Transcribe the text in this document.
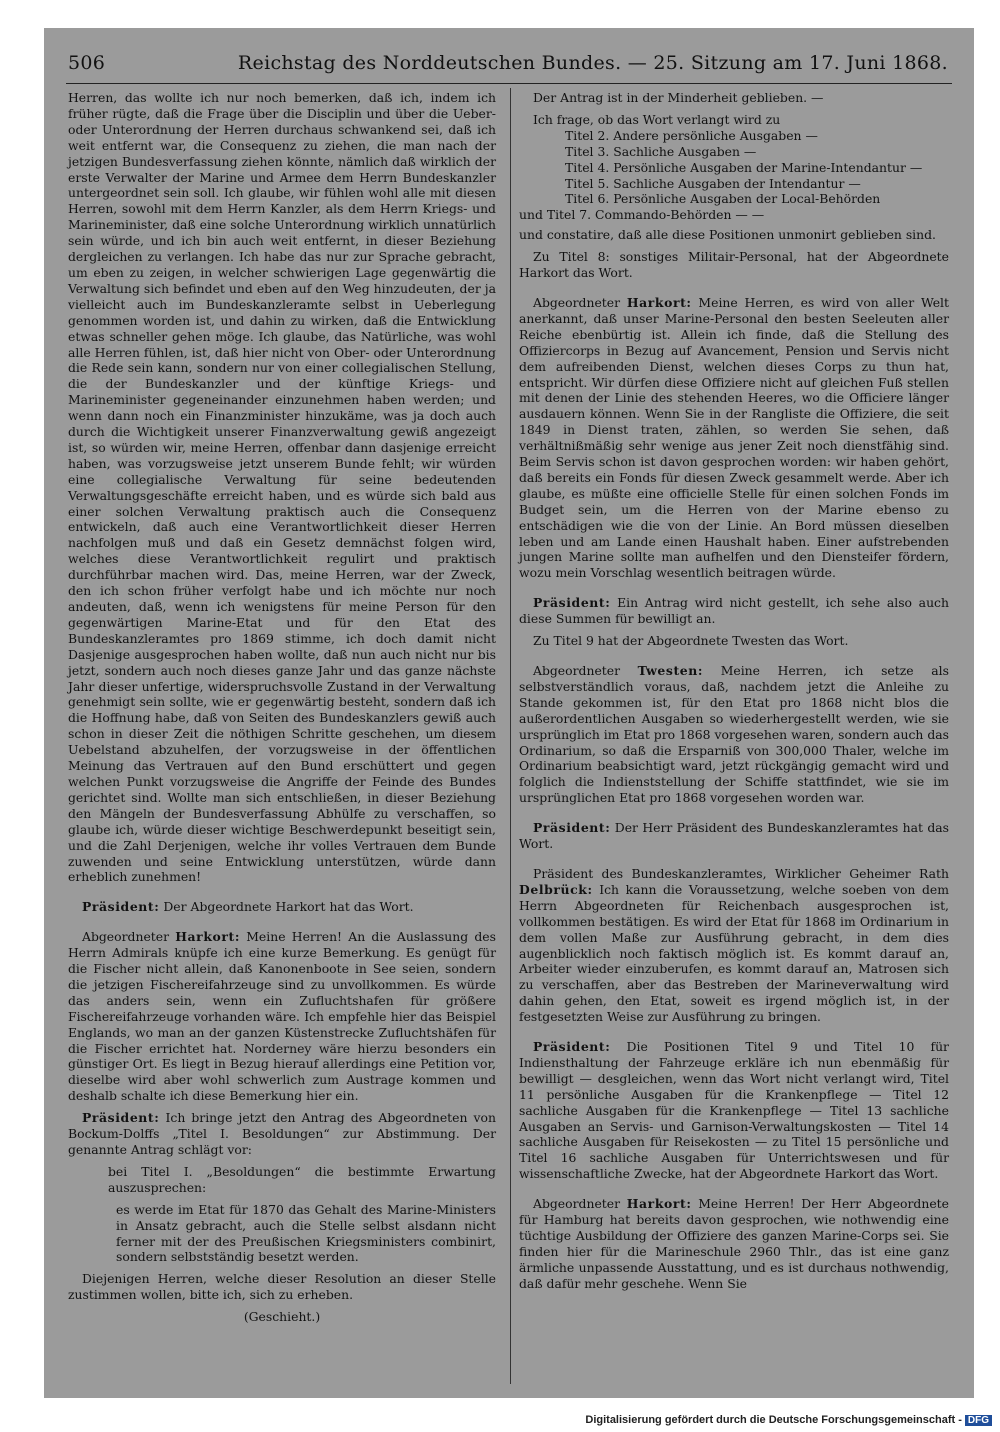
506	Reichstag des Norddeutschen Bundes. — 25. Sitzung am 17. Juni 1868.

Herren, das wollte ich nur noch bemerken, daß ich, indem ich früher rügte, daß die Frage über die Disciplin und über die Ueber- oder Unterordnung der Herren durchaus schwankend sei, daß ich weit entfernt war, die Consequenz zu ziehen, die man nach der jetzigen Bundesverfassung ziehen könnte, nämlich daß wirklich der erste Verwalter der Marine und Armee dem Herrn Bundeskanzler untergeordnet sein soll. Ich glaube, wir fühlen wohl alle mit diesen Herren, sowohl mit dem Herrn Kanzler, als dem Herrn Kriegs- und Marineminister, daß eine solche Unterordnung wirklich unnatürlich sein würde, und ich bin auch weit entfernt, in dieser Beziehung dergleichen zu verlangen. Ich habe das nur zur Sprache gebracht, um eben zu zeigen, in welcher schwierigen Lage gegenwärtig die Verwaltung sich befindet und eben auf den Weg hinzudeuten, der ja vielleicht auch im Bundeskanzleramte selbst in Ueberlegung genommen worden ist, und dahin zu wirken, daß die Entwicklung etwas schneller gehen möge. Ich glaube, das Natürliche, was wohl alle Herren fühlen, ist, daß hier nicht von Ober- oder Unterordnung die Rede sein kann, sondern nur von einer collegialischen Stellung, die der Bundeskanzler und der künftige Kriegs- und Marineminister gegeneinander einzunehmen haben werden; und wenn dann noch ein Finanzminister hinzukäme, was ja doch auch durch die Wichtigkeit unserer Finanzverwaltung gewiß angezeigt ist, so würden wir, meine Herren, offenbar dann dasjenige erreicht haben, was vorzugsweise jetzt unserem Bunde fehlt; wir würden eine collegialische Verwaltung für seine bedeutenden Verwaltungsgeschäfte erreicht haben, und es würde sich bald aus einer solchen Verwaltung praktisch auch die Consequenz entwickeln, daß auch eine Verantwortlichkeit dieser Herren nachfolgen muß und daß ein Gesetz demnächst folgen wird, welches diese Verantwortlichkeit regulirt und praktisch durchführbar machen wird. Das, meine Herren, war der Zweck, den ich schon früher verfolgt habe und ich möchte nur noch andeuten, daß, wenn ich wenigstens für meine Person für den gegenwärtigen Marine-Etat und für den Etat des Bundeskanzleramtes pro 1869 stimme, ich doch damit nicht Dasjenige ausgesprochen haben wollte, daß nun auch nicht nur bis jetzt, sondern auch noch dieses ganze Jahr und das ganze nächste Jahr dieser unfertige, widerspruchsvolle Zustand in der Verwaltung genehmigt sein sollte, wie er gegenwärtig besteht, sondern daß ich die Hoffnung habe, daß von Seiten des Bundeskanzlers gewiß auch schon in dieser Zeit die nöthigen Schritte geschehen, um diesem Uebelstand abzuhelfen, der vorzugsweise in der öffentlichen Meinung das Vertrauen auf den Bund erschüttert und gegen welchen Punkt vorzugsweise die Angriffe der Feinde des Bundes gerichtet sind. Wollte man sich entschließen, in dieser Beziehung den Mängeln der Bundesverfassung Abhülfe zu verschaffen, so glaube ich, würde dieser wichtige Beschwerdepunkt beseitigt sein, und die Zahl Derjenigen, welche ihr volles Vertrauen dem Bunde zuwenden und seine Entwicklung unterstützen, würde dann erheblich zunehmen!

Präsident: Der Abgeordnete Harkort hat das Wort.

Abgeordneter Harkort: Meine Herren! An die Auslassung des Herrn Admirals knüpfe ich eine kurze Bemerkung. Es genügt für die Fischer nicht allein, daß Kanonenboote in See seien, sondern die jetzigen Fischereifahrzeuge sind zu unvollkommen. Es würde das anders sein, wenn ein Zufluchtshafen für größere Fischereifahrzeuge vorhanden wäre. Ich empfehle hier das Beispiel Englands, wo man an der ganzen Küstenstrecke Zufluchtshäfen für die Fischer errichtet hat. Norderney wäre hierzu besonders ein günstiger Ort. Es liegt in Bezug hierauf allerdings eine Petition vor, dieselbe wird aber wohl schwerlich zum Austrage kommen und deshalb schalte ich diese Bemerkung hier ein.

Präsident: Ich bringe jetzt den Antrag des Abgeordneten von Bockum-Dolffs „Titel I. Besoldungen“ zur Abstimmung. Der genannte Antrag schlägt vor:

bei Titel I. „Besoldungen“ die bestimmte Erwartung auszusprechen:

es werde im Etat für 1870 das Gehalt des Marine-Ministers in Ansatz gebracht, auch die Stelle selbst alsdann nicht ferner mit der des Preußischen Kriegsministers combinirt, sondern selbstständig besetzt werden.

Diejenigen Herren, welche dieser Resolution an dieser Stelle zustimmen wollen, bitte ich, sich zu erheben.

(Geschieht.)

Der Antrag ist in der Minderheit geblieben. —

Ich frage, ob das Wort verlangt wird zu

Titel 2. Andere persönliche Ausgaben —
Titel 3. Sachliche Ausgaben —
Titel 4. Persönliche Ausgaben der Marine-Intendantur —
Titel 5. Sachliche Ausgaben der Intendantur —
Titel 6. Persönliche Ausgaben der Local-Behörden
und Titel 7. Commando-Behörden — —

und constatire, daß alle diese Positionen unmonirt geblieben sind.

Zu Titel 8: sonstiges Militair-Personal, hat der Abgeordnete Harkort das Wort.

Abgeordneter Harkort: Meine Herren, es wird von aller Welt anerkannt, daß unser Marine-Personal den besten Seeleuten aller Reiche ebenbürtig ist. Allein ich finde, daß die Stellung des Offiziercorps in Bezug auf Avancement, Pension und Servis nicht dem aufreibenden Dienst, welchen dieses Corps zu thun hat, entspricht. Wir dürfen diese Offiziere nicht auf gleichen Fuß stellen mit denen der Linie des stehenden Heeres, wo die Officiere länger ausdauern können. Wenn Sie in der Rangliste die Offiziere, die seit 1849 in Dienst traten, zählen, so werden Sie sehen, daß verhältnißmäßig sehr wenige aus jener Zeit noch dienstfähig sind. Beim Servis schon ist davon gesprochen worden: wir haben gehört, daß bereits ein Fonds für diesen Zweck gesammelt werde. Aber ich glaube, es müßte eine officielle Stelle für einen solchen Fonds im Budget sein, um die Herren von der Marine ebenso zu entschädigen wie die von der Linie. An Bord müssen dieselben leben und am Lande einen Haushalt haben. Einer aufstrebenden jungen Marine sollte man aufhelfen und den Diensteifer fördern, wozu mein Vorschlag wesentlich beitragen würde.

Präsident: Ein Antrag wird nicht gestellt, ich sehe also auch diese Summen für bewilligt an.

Zu Titel 9 hat der Abgeordnete Twesten das Wort.

Abgeordneter Twesten: Meine Herren, ich setze als selbstverständlich voraus, daß, nachdem jetzt die Anleihe zu Stande gekommen ist, für den Etat pro 1868 nicht blos die außerordentlichen Ausgaben so wiederhergestellt werden, wie sie ursprünglich im Etat pro 1868 vorgesehen waren, sondern auch das Ordinarium, so daß die Ersparniß von 300,000 Thaler, welche im Ordinarium beabsichtigt ward, jetzt rückgängig gemacht wird und folglich die Indienststellung der Schiffe stattfindet, wie sie im ursprünglichen Etat pro 1868 vorgesehen worden war.

Präsident: Der Herr Präsident des Bundeskanzleramtes hat das Wort.

Präsident des Bundeskanzleramtes, Wirklicher Geheimer Rath Delbrück: Ich kann die Voraussetzung, welche soeben von dem Herrn Abgeordneten für Reichenbach ausgesprochen ist, vollkommen bestätigen. Es wird der Etat für 1868 im Ordinarium in dem vollen Maße zur Ausführung gebracht, in dem dies augenblicklich noch faktisch möglich ist. Es kommt darauf an, Arbeiter wieder einzuberufen, es kommt darauf an, Matrosen sich zu verschaffen, aber das Bestreben der Marineverwaltung wird dahin gehen, den Etat, soweit es irgend möglich ist, in der festgesetzten Weise zur Ausführung zu bringen.

Präsident: Die Positionen Titel 9 und Titel 10 für Indiensthaltung der Fahrzeuge erkläre ich nun ebenmäßig für bewilligt — desgleichen, wenn das Wort nicht verlangt wird, Titel 11 persönliche Ausgaben für die Krankenpflege — Titel 12 sachliche Ausgaben für die Krankenpflege — Titel 13 sachliche Ausgaben an Servis- und Garnison-Verwaltungskosten — Titel 14 sachliche Ausgaben für Reisekosten — zu Titel 15 persönliche und Titel 16 sachliche Ausgaben für Unterrichtswesen und für wissenschaftliche Zwecke, hat der Abgeordnete Harkort das Wort.

Abgeordneter Harkort: Meine Herren! Der Herr Abgeordnete für Hamburg hat bereits davon gesprochen, wie nothwendig eine tüchtige Ausbildung der Offiziere des ganzen Marine-Corps sei. Sie finden hier für die Marineschule 2960 Thlr., das ist eine ganz ärmliche unpassende Ausstattung, und es ist durchaus nothwendig, daß dafür mehr geschehe. Wenn Sie

Digitalisierung gefördert durch die Deutsche Forschungsgemeinschaft - DFG
